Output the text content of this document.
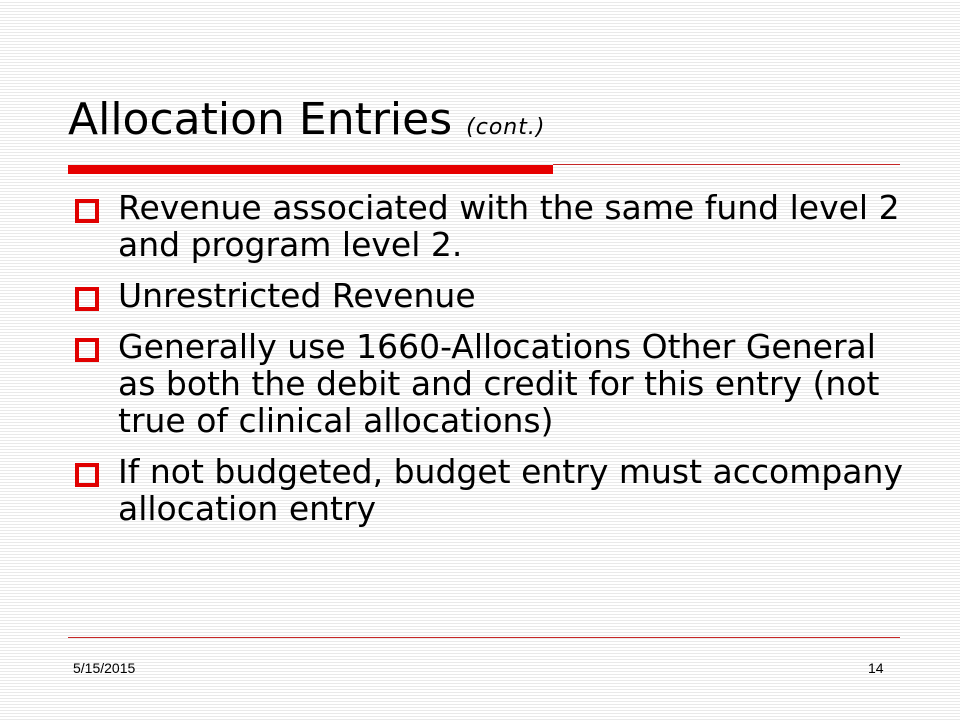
Allocation Entries (cont.)
Revenue associated with the same fund level 2 and program level 2.
Unrestricted Revenue
Generally use 1660-Allocations Other General as both the debit and credit for this entry (not true of clinical allocations)
If not budgeted, budget entry must accompany allocation entry
5/15/2015	14
